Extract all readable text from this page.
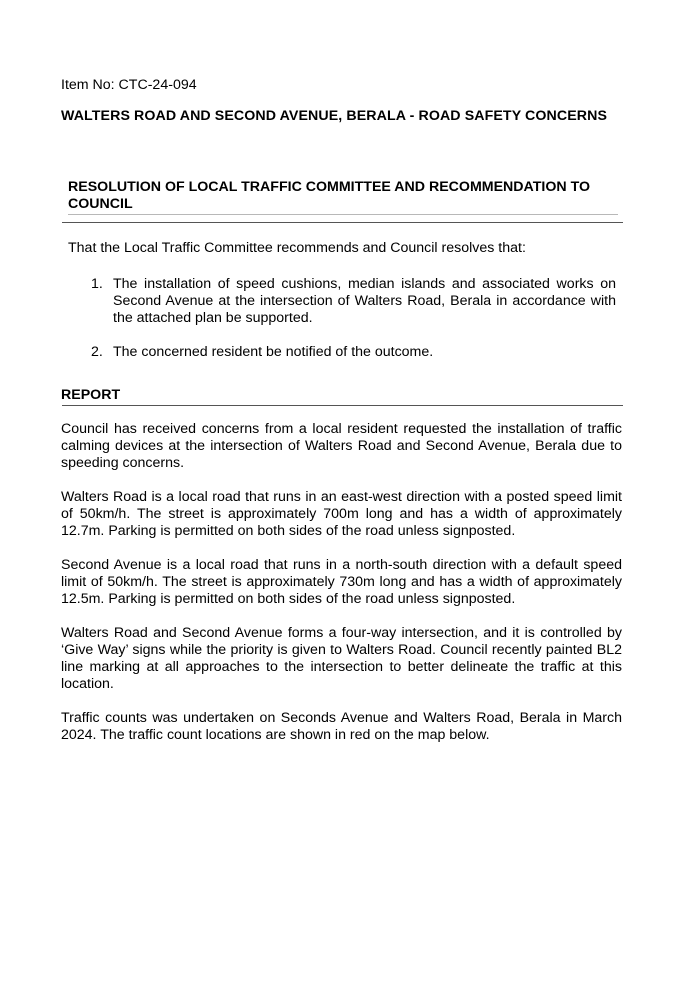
Item No: CTC-24-094
WALTERS ROAD AND SECOND AVENUE, BERALA - ROAD SAFETY CONCERNS
RESOLUTION OF LOCAL TRAFFIC COMMITTEE AND RECOMMENDATION TO COUNCIL
That the Local Traffic Committee recommends and Council resolves that:
1. The installation of speed cushions, median islands and associated works on Second Avenue at the intersection of Walters Road, Berala in accordance with the attached plan be supported.
2. The concerned resident be notified of the outcome.
REPORT

Council has received concerns from a local resident requested the installation of traffic calming devices at the intersection of Walters Road and Second Avenue, Berala due to speeding concerns.

Walters Road is a local road that runs in an east-west direction with a posted speed limit of 50km/h. The street is approximately 700m long and has a width of approximately 12.7m. Parking is permitted on both sides of the road unless signposted.

Second Avenue is a local road that runs in a north-south direction with a default speed limit of 50km/h. The street is approximately 730m long and has a width of approximately 12.5m. Parking is permitted on both sides of the road unless signposted.

Walters Road and Second Avenue forms a four-way intersection, and it is controlled by ‘Give Way’ signs while the priority is given to Walters Road. Council recently painted BL2 line marking at all approaches to the intersection to better delineate the traffic at this location.

Traffic counts was undertaken on Seconds Avenue and Walters Road, Berala in March 2024. The traffic count locations are shown in red on the map below.
